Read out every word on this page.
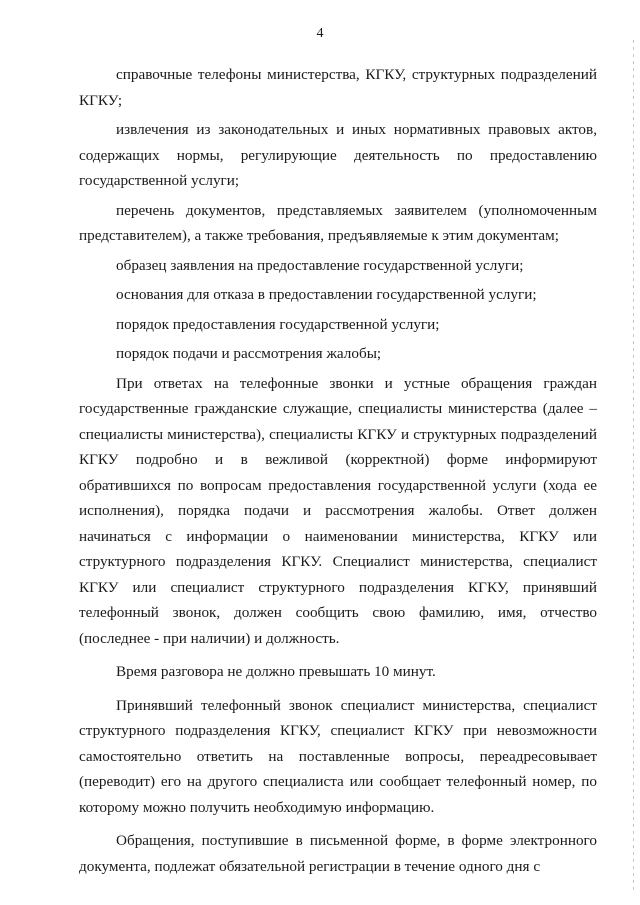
4

справочные телефоны министерства, КГКУ, структурных подразделений КГКУ;

извлечения из законодательных и иных нормативных правовых актов, содержащих нормы, регулирующие деятельность по предоставлению государственной услуги;

перечень документов, представляемых заявителем (уполномоченным представителем), а также требования, предъявляемые к этим документам;

образец заявления на предоставление государственной услуги;

основания для отказа в предоставлении государственной услуги;

порядок предоставления государственной услуги;

порядок подачи и рассмотрения жалобы;

При ответах на телефонные звонки и устные обращения граждан государственные гражданские служащие, специалисты министерства (далее – специалисты министерства), специалисты КГКУ и структурных подразделений КГКУ подробно и в вежливой (корректной) форме информируют обратившихся по вопросам предоставления государственной услуги (хода ее исполнения), порядка подачи и рассмотрения жалобы. Ответ должен начинаться с информации о наименовании министерства, КГКУ или структурного подразделения КГКУ. Специалист министерства, специалист КГКУ или специалист структурного подразделения КГКУ, принявший телефонный звонок, должен сообщить свою фамилию, имя, отчество (последнее - при наличии) и должность.

Время разговора не должно превышать 10 минут.

Принявший телефонный звонок специалист министерства, специалист структурного подразделения КГКУ, специалист КГКУ при невозможности самостоятельно ответить на поставленные вопросы, переадресовывает (переводит) его на другого специалиста или сообщает телефонный номер, по которому можно получить необходимую информацию.

Обращения, поступившие в письменной форме, в форме электронного документа, подлежат обязательной регистрации в течение одного дня с
